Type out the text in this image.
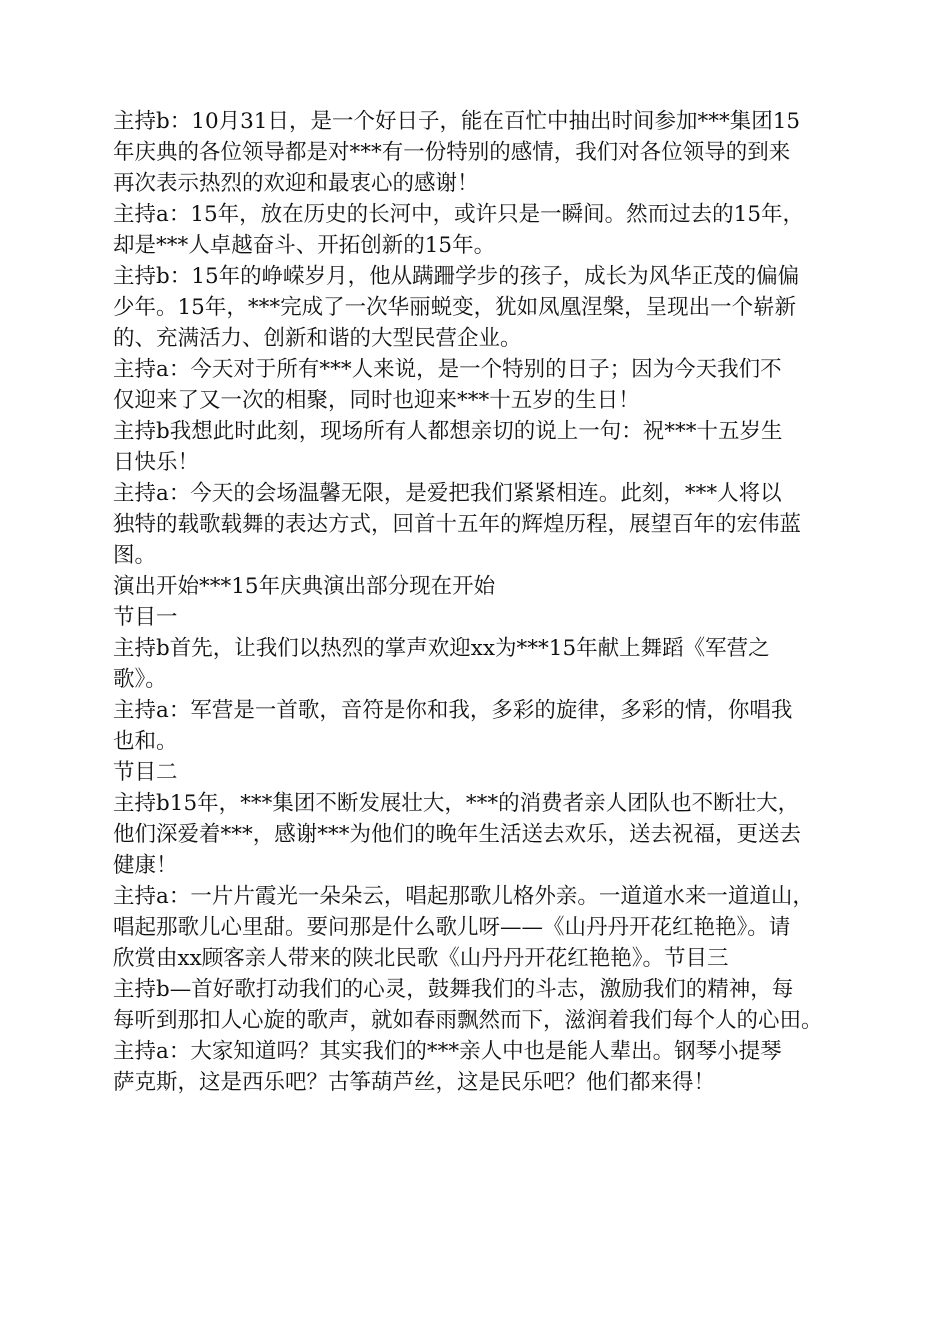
主持b：10月31日，是一个好日子，能在百忙中抽出时间参加***集团15
年庆典的各位领导都是对***有一份特别的感情，我们对各位领导的到来
再次表示热烈的欢迎和最衷心的感谢！

主持a：15年，放在历史的长河中，或许只是一瞬间。然而过去的15年，
却是***人卓越奋斗、开拓创新的15年。

主持b：15年的峥嵘岁月，他从蹒跚学步的孩子，成长为风华正茂的偏偏
少年。15年，***完成了一次华丽蜕变，犹如凤凰涅槃，呈现出一个崭新
的、充满活力、创新和谐的大型民营企业。

主持a：今天对于所有***人来说，是一个特别的日子；因为今天我们不
仅迎来了又一次的相聚，同时也迎来***十五岁的生日！

主持b我想此时此刻，现场所有人都想亲切的说上一句：祝***十五岁生
日快乐！

主持a：今天的会场温馨无限，是爱把我们紧紧相连。此刻，***人将以
独特的载歌载舞的表达方式，回首十五年的辉煌历程，展望百年的宏伟蓝
图。

演出开始***15年庆典演出部分现在开始

节目一

主持b首先，让我们以热烈的掌声欢迎xx为***15年献上舞蹈《军营之
歌》。

主持a：军营是一首歌，音符是你和我，多彩的旋律，多彩的情，你唱我
也和。

节目二

主持b15年，***集团不断发展壮大，***的消费者亲人团队也不断壮大，
他们深爱着***，感谢***为他们的晚年生活送去欢乐，送去祝福，更送去
健康！

主持a：一片片霞光一朵朵云，唱起那歌儿格外亲。一道道水来一道道山，
唱起那歌儿心里甜。要问那是什么歌儿呀——《山丹丹开花红艳艳》。请
欣赏由xx顾客亲人带来的陕北民歌《山丹丹开花红艳艳》。节目三

主持b—首好歌打动我们的心灵，鼓舞我们的斗志，激励我们的精神，每
每听到那扣人心旋的歌声，就如春雨飘然而下，滋润着我们每个人的心田。

主持a：大家知道吗？其实我们的***亲人中也是能人辈出。钢琴小提琴
萨克斯，这是西乐吧？古筝葫芦丝，这是民乐吧？他们都来得！
